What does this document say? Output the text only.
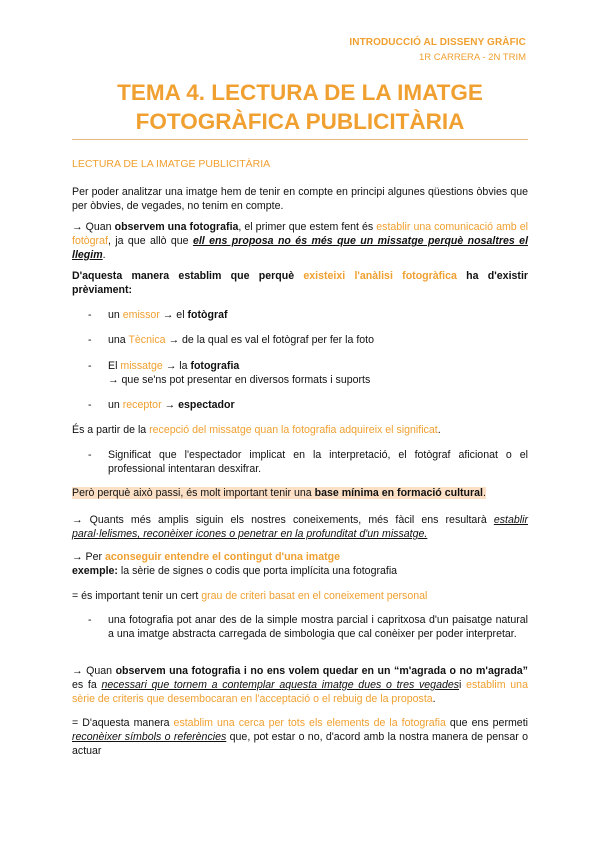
INTRODUCCIÓ AL DISSENY GRÀFIC
1R CARRERA - 2N TRIM
TEMA 4. LECTURA DE LA IMATGE
FOTOGRÀFICA PUBLICITÀRIA
LECTURA DE LA IMATGE PUBLICITÀRIA
Per poder analitzar una imatge hem de tenir en compte en principi algunes qüestions òbvies que per òbvies, de vegades, no tenim en compte.
→ Quan observem una fotografia, el primer que estem fent és establir una comunicació amb el fotògraf, ja que allò que ell ens proposa no és més que un missatge perquè nosaltres el llegim.
D'aquesta manera establim que perquè existeixi l'anàlisi fotogràfica ha d'existir prèviament:
- un emissor → el fotògraf
- una Tècnica → de la qual es val el fotògraf per fer la foto
- El missatge → la fotografia
→ que se'ns pot presentar en diversos formats i suports
- un receptor → espectador
És a partir de la recepció del missatge quan la fotografia adquireix el significat.
- Significat que l'espectador implicat en la interpretació, el fotògraf aficionat o el professional intentaran desxifrar.
Però perquè això passi, és molt important tenir una base mínima en formació cultural.
→ Quants més amplis siguin els nostres coneixements, més fàcil ens resultarà establir paral·lelismes, reconèixer icones o penetrar en la profunditat d'un missatge.
→ Per aconseguir entendre el contingut d'una imatge
exemple: la sèrie de signes o codis que porta implícita una fotografia
= és important tenir un cert grau de criteri basat en el coneixement personal
- una fotografia pot anar des de la simple mostra parcial i capritxosa d'un paisatge natural a una imatge abstracta carregada de simbologia que cal conèixer per poder interpretar.
→ Quan observem una fotografia i no ens volem quedar en un “m'agrada o no m'agrada” es fa necessari que tornem a contemplar aquesta imatge dues o tres vegadesi establim una sèrie de criteris que desembocaran en l'acceptació o el rebuig de la proposta.
= D'aquesta manera establim una cerca per tots els elements de la fotografia que ens permeti reconèixer símbols o referències que, pot estar o no, d'acord amb la nostra manera de pensar o actuar
